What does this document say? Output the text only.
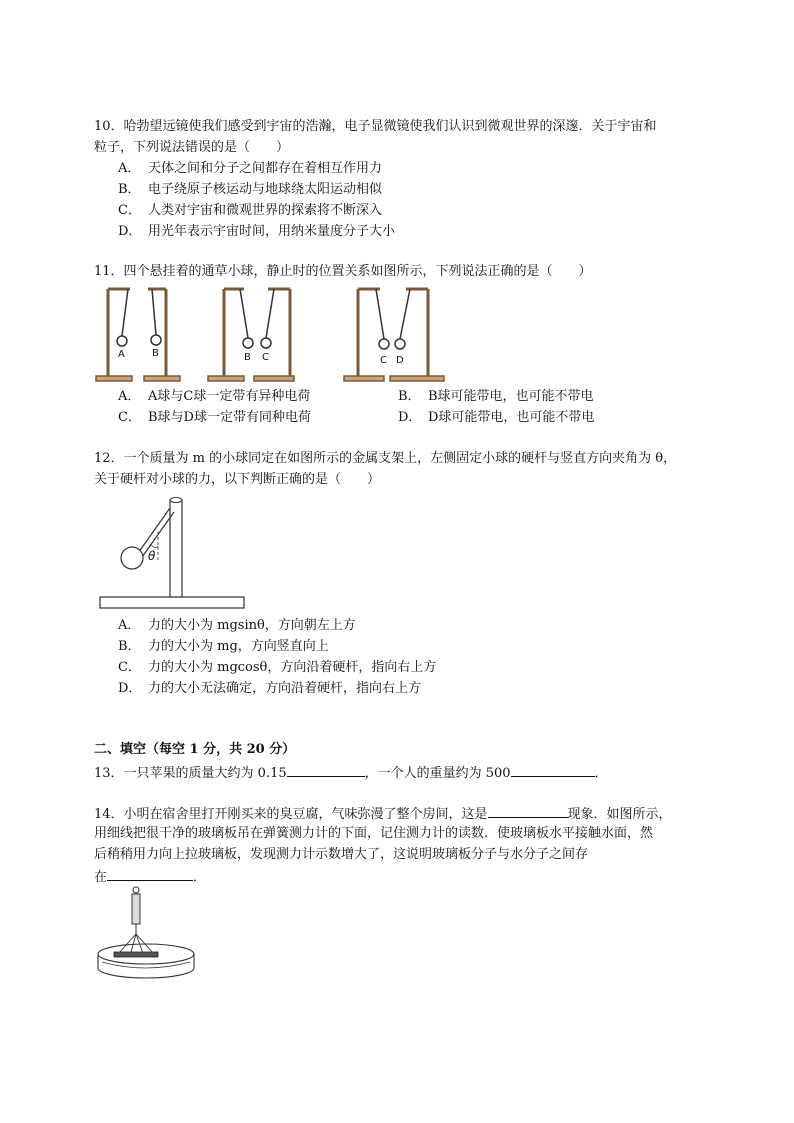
10．哈勃望远镜使我们感受到宇宙的浩瀚，电子显微镜使我们认识到微观世界的深邃．关于宇宙和
粒子，下列说法错误的是（　　）
A． 天体之间和分子之间都存在着相互作用力
B． 电子绕原子核运动与地球绕太阳运动相似
C． 人类对宇宙和微观世界的探索将不断深入
D． 用光年表示宇宙时间，用纳米量度分子大小
11．四个悬挂着的通草小球，静止时的位置关系如图所示，下列说法正确的是（　　）
A	B	B C	C D
A． A球与C球一定带有异种电荷	B． B球可能带电，也可能不带电
C． B球与D球一定带有同种电荷	D． D球可能带电，也可能不带电
12．一个质量为 m 的小球同定在如图所示的金属支架上，左侧固定小球的硬杆与竖直方向夹角为 θ，
关于硬杆对小球的力，以下判断正确的是（　　）
θ
A． 力的大小为 mgsinθ，方向朝左上方
B． 力的大小为 mg，方向竖直向上
C． 力的大小为 mgcosθ，方向沿着硬杆，指向右上方
D． 力的大小无法确定，方向沿着硬杆，指向右上方
二、填空（每空 1 分，共 20 分）
13．一只苹果的质量大约为 0.15	，一个人的重量约为 500	．
14．小明在宿舍里打开刚买来的臭豆腐，气味弥漫了整个房间，这是	现象．如图所示，
用细线把很干净的玻璃板吊在弹簧测力计的下面，记住测力计的读数．使玻璃板水平接触水面，然
后稍稍用力向上拉玻璃板，发现测力计示数增大了，这说明玻璃板分子与水分子之间存
在	．
